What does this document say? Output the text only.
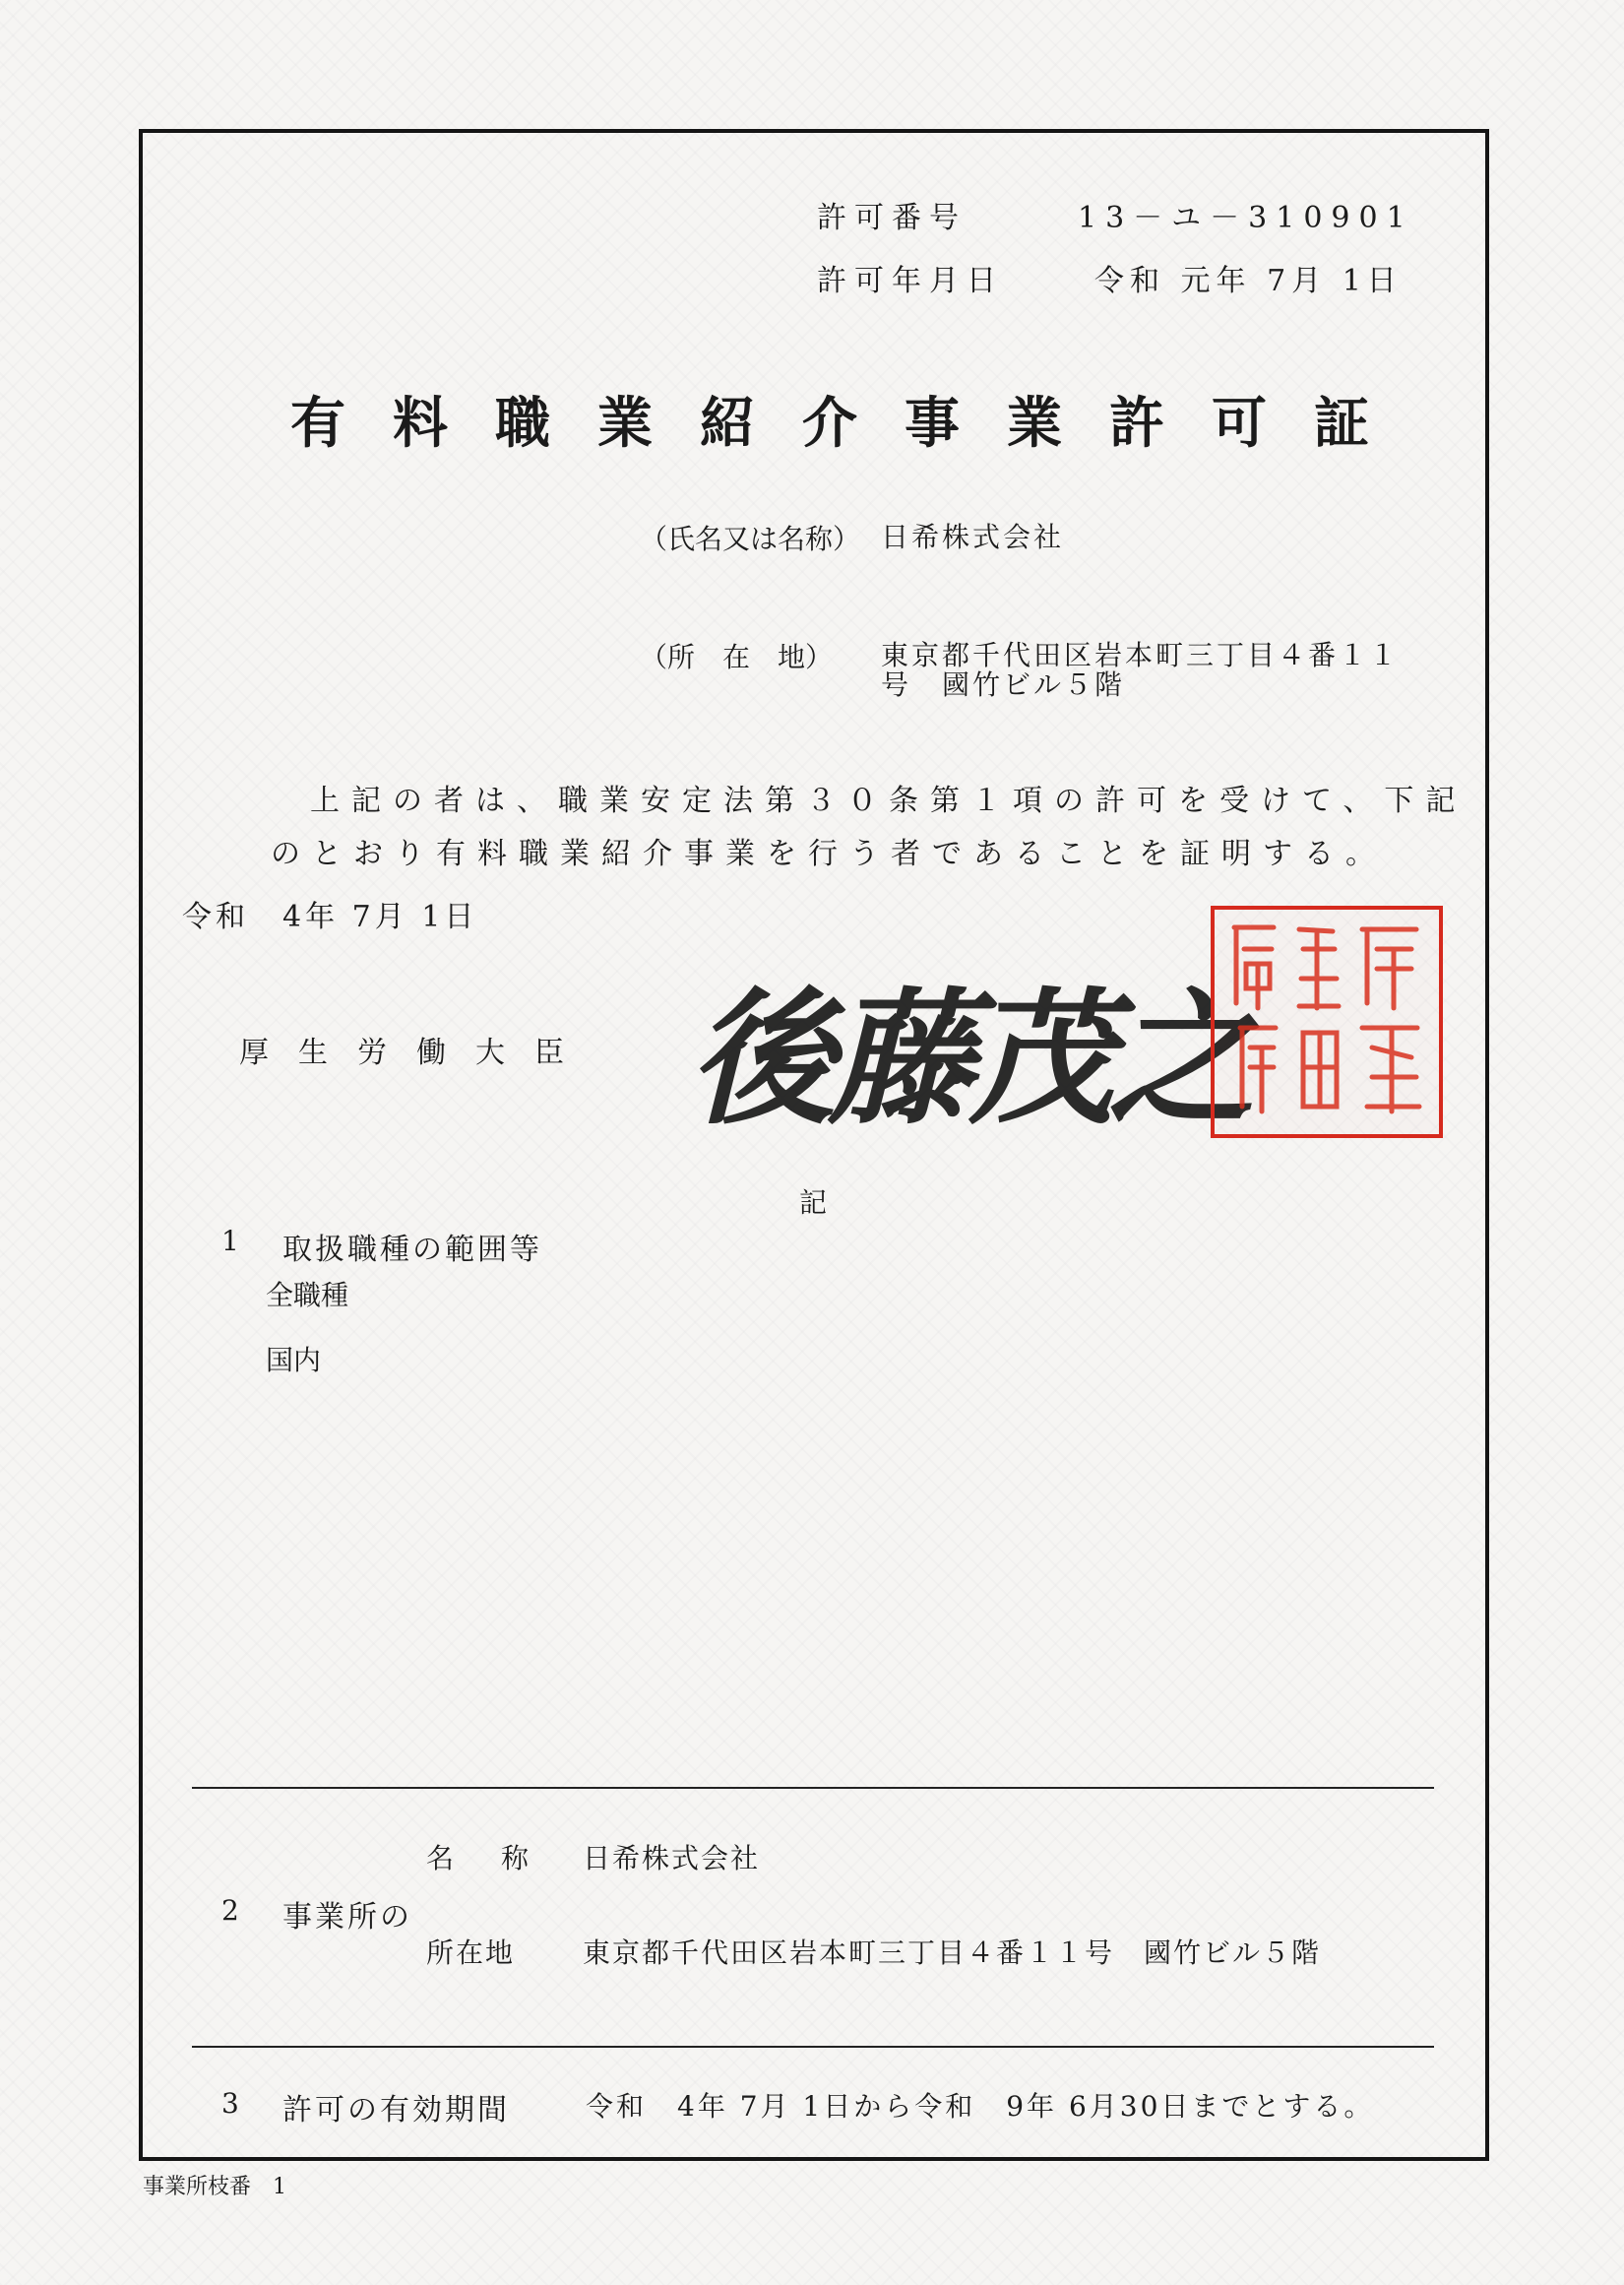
許可番号	13－ユ－310901
許可年月日	令和 元年 7月 1日
有料職業紹介事業許可証
（氏名又は名称） 日希株式会社
（所　在　地） 東京都千代田区岩本町三丁目４番１１
号　國竹ビル５階
上記の者は、職業安定法第３０条第１項の許可を受けて、下記
のとおり有料職業紹介事業を行う者であることを証明する。
令和　4年 7月 1日
厚生労働大臣 後藤茂之
記
1 取扱職種の範囲等
全職種
国内
名　称 日希株式会社
2 事業所の
所在地 東京都千代田区岩本町三丁目４番１１号　國竹ビル５階
3 許可の有効期間	令和　4年 7月 1日から令和　9年 6月30日までとする。
事業所枝番　1
